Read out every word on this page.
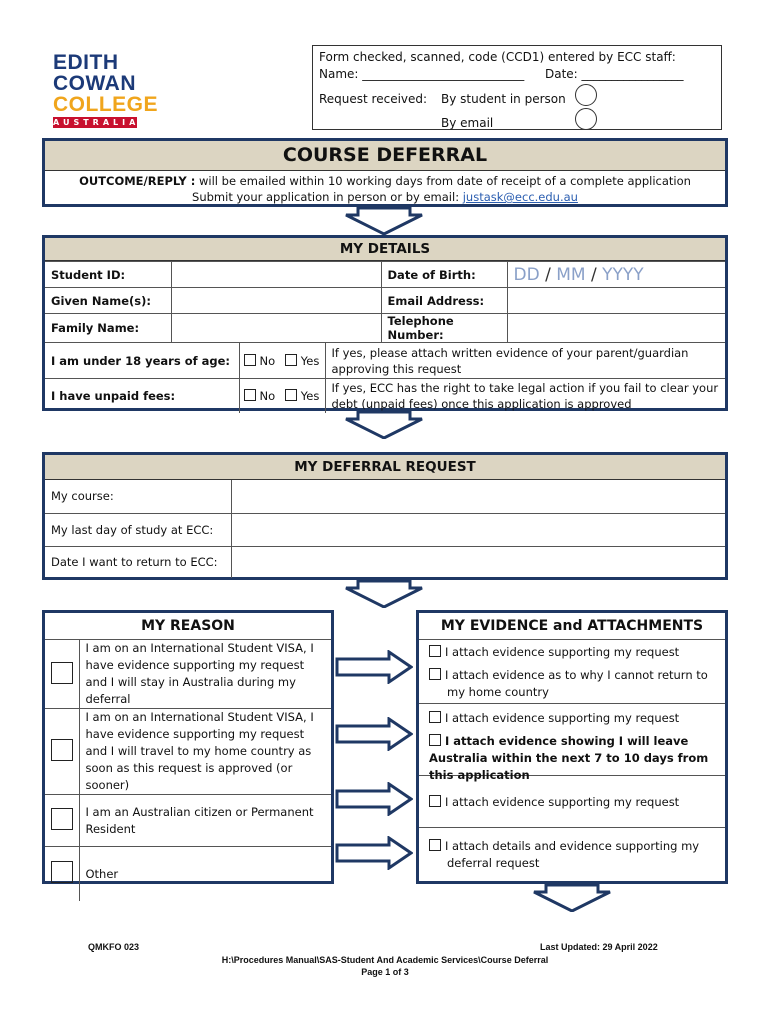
EDITH
COWAN
COLLEGE
AUSTRALIA
Form checked, scanned, code (CCD1) entered by ECC staff:
Name: ___________________________ Date: _________________
Request received: By student in person
By email
COURSE DEFERRAL
OUTCOME/REPLY : will be emailed within 10 working days from date of receipt of a complete application
Submit your application in person or by email: justask@ecc.edu.au
MY DETAILS
Student ID:				Date of Birth:	DD / MM / YYYY
Given Name(s):				Email Address:	
Family Name:				Telephone Number:	
I am under 18 years of age:		No Yes	If yes, please attach written evidence of your parent/guardian approving this request		
I have unpaid fees:		No Yes	If yes, ECC has the right to take legal action if you fail to clear your debt (unpaid fees) once this application is approved		
MY DEFERRAL REQUEST
My course:	
My last day of study at ECC:	
Date I want to return to ECC:	
MY REASON
	I am on an International Student VISA, I have evidence supporting my request and I will stay in Australia during my deferral
	I am on an International Student VISA, I have evidence supporting my request and I will travel to my home country as soon as this request is approved (or sooner)
	I am an Australian citizen or Permanent Resident
	Other
MY EVIDENCE and ATTACHMENTS
I attach evidence supporting my request
I attach evidence as to why I cannot return to my home country
I attach evidence supporting my request
I attach evidence showing I will leave Australia within the next 7 to 10 days from this application
I attach evidence supporting my request
I attach details and evidence supporting my deferral request
QMKFO 023	Last Updated: 29 April 2022
H:\Procedures Manual\SAS-Student And Academic Services\Course Deferral
Page 1 of 3
